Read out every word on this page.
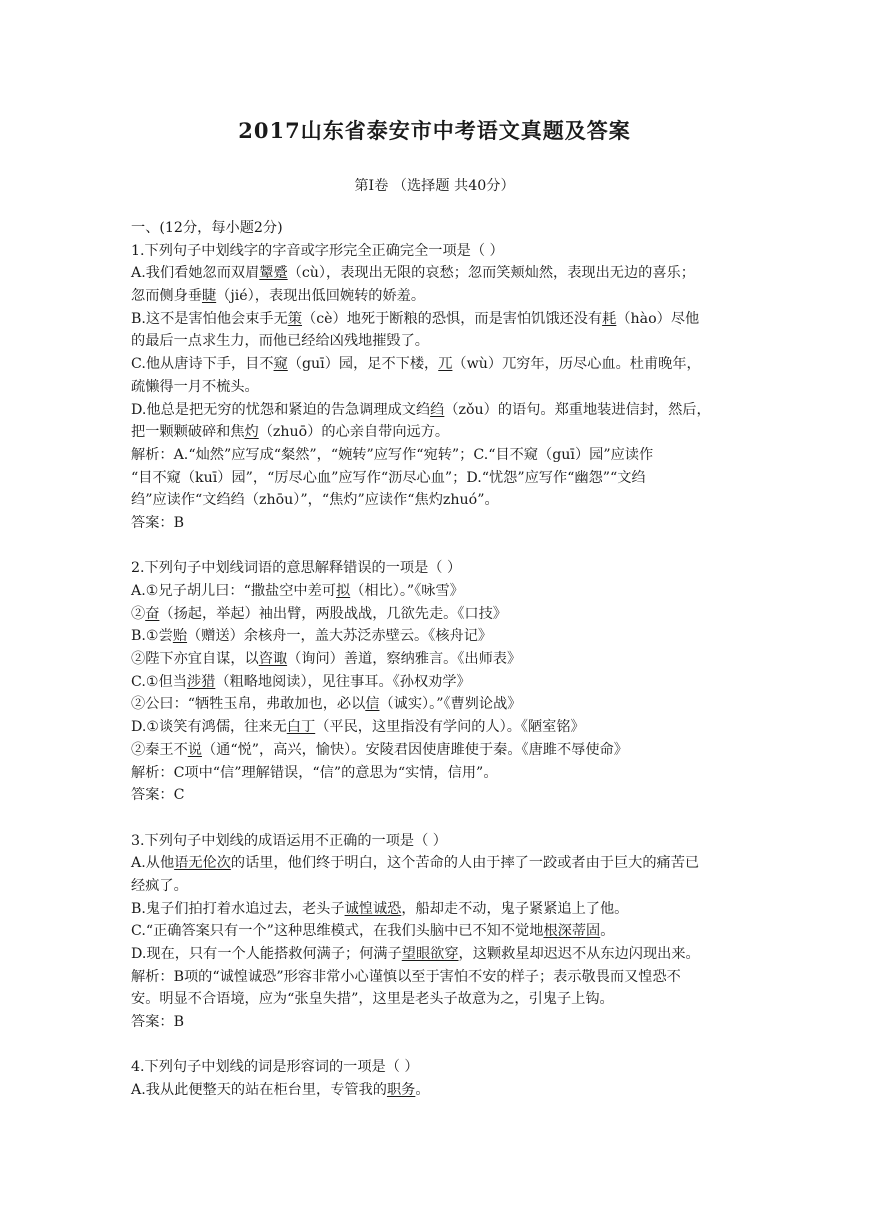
2017山东省泰安市中考语文真题及答案
第Ⅰ卷 （选择题 共40分）
一、(12分，每小题2分)
1.下列句子中划线字的字音或字形完全正确完全一项是（ ）
A.我们看她忽而双眉颦蹙（cù），表现出无限的哀愁；忽而笑颊灿然，表现出无边的喜乐；
忽而侧身垂睫（jié），表现出低回婉转的娇羞。
B.这不是害怕他会束手无策（cè）地死于断粮的恐惧，而是害怕饥饿还没有耗（hào）尽他
的最后一点求生力，而他已经给凶残地摧毁了。
C.他从唐诗下手，目不窥（guī）园，足不下楼，兀（wù）兀穷年，历尽心血。杜甫晚年，
疏懒得一月不梳头。
D.他总是把无穷的忧怨和紧迫的告急调理成文绉绉（zǒu）的语句。郑重地装进信封，然后，
把一颗颗破碎和焦灼（zhuō）的心亲自带向远方。
解析：A.“灿然”应写成“粲然”，“婉转”应写作“宛转”；C.“目不窥（guī）园”应读作
“目不窥（kuī）园”，“厉尽心血”应写作“沥尽心血”；D.“忧怨”应写作“幽怨”“文绉
绉”应读作“文绉绉（zhōu）”，“焦灼”应读作“焦灼zhuó”。
答案：B
2.下列句子中划线词语的意思解释错误的一项是（ ）
A.①兄子胡儿曰：“撒盐空中差可拟（相比）。”《咏雪》
②奋（扬起，举起）袖出臂，两股战战，几欲先走。《口技》
B.①尝贻（赠送）余核舟一，盖大苏泛赤壁云。《核舟记》
②陛下亦宜自谋，以咨诹（询问）善道，察纳雅言。《出师表》
C.①但当涉猎（粗略地阅读），见往事耳。《孙权劝学》
②公曰：“牺牲玉帛，弗敢加也，必以信（诚实）。”《曹刿论战》
D.①谈笑有鸿儒，往来无白丁（平民，这里指没有学问的人）。《陋室铭》
②秦王不说（通“悦”，高兴，愉快）。安陵君因使唐雎使于秦。《唐雎不辱使命》
解析：C项中“信”理解错误，“信”的意思为“实情，信用”。
答案：C
3.下列句子中划线的成语运用不正确的一项是（ ）
A.从他语无伦次的话里，他们终于明白，这个苦命的人由于摔了一跤或者由于巨大的痛苦已
经疯了。
B.鬼子们拍打着水追过去，老头子诚惶诚恐，船却走不动，鬼子紧紧追上了他。
C.“正确答案只有一个”这种思维模式，在我们头脑中已不知不觉地根深蒂固。
D.现在，只有一个人能搭救何满子；何满子望眼欲穿，这颗救星却迟迟不从东边闪现出来。
解析：B项的“诚惶诚恐”形容非常小心谨慎以至于害怕不安的样子；表示敬畏而又惶恐不
安。明显不合语境，应为“张皇失措”，这里是老头子故意为之，引鬼子上钩。
答案：B
4.下列句子中划线的词是形容词的一项是（ ）
A.我从此便整天的站在柜台里，专管我的职务。
